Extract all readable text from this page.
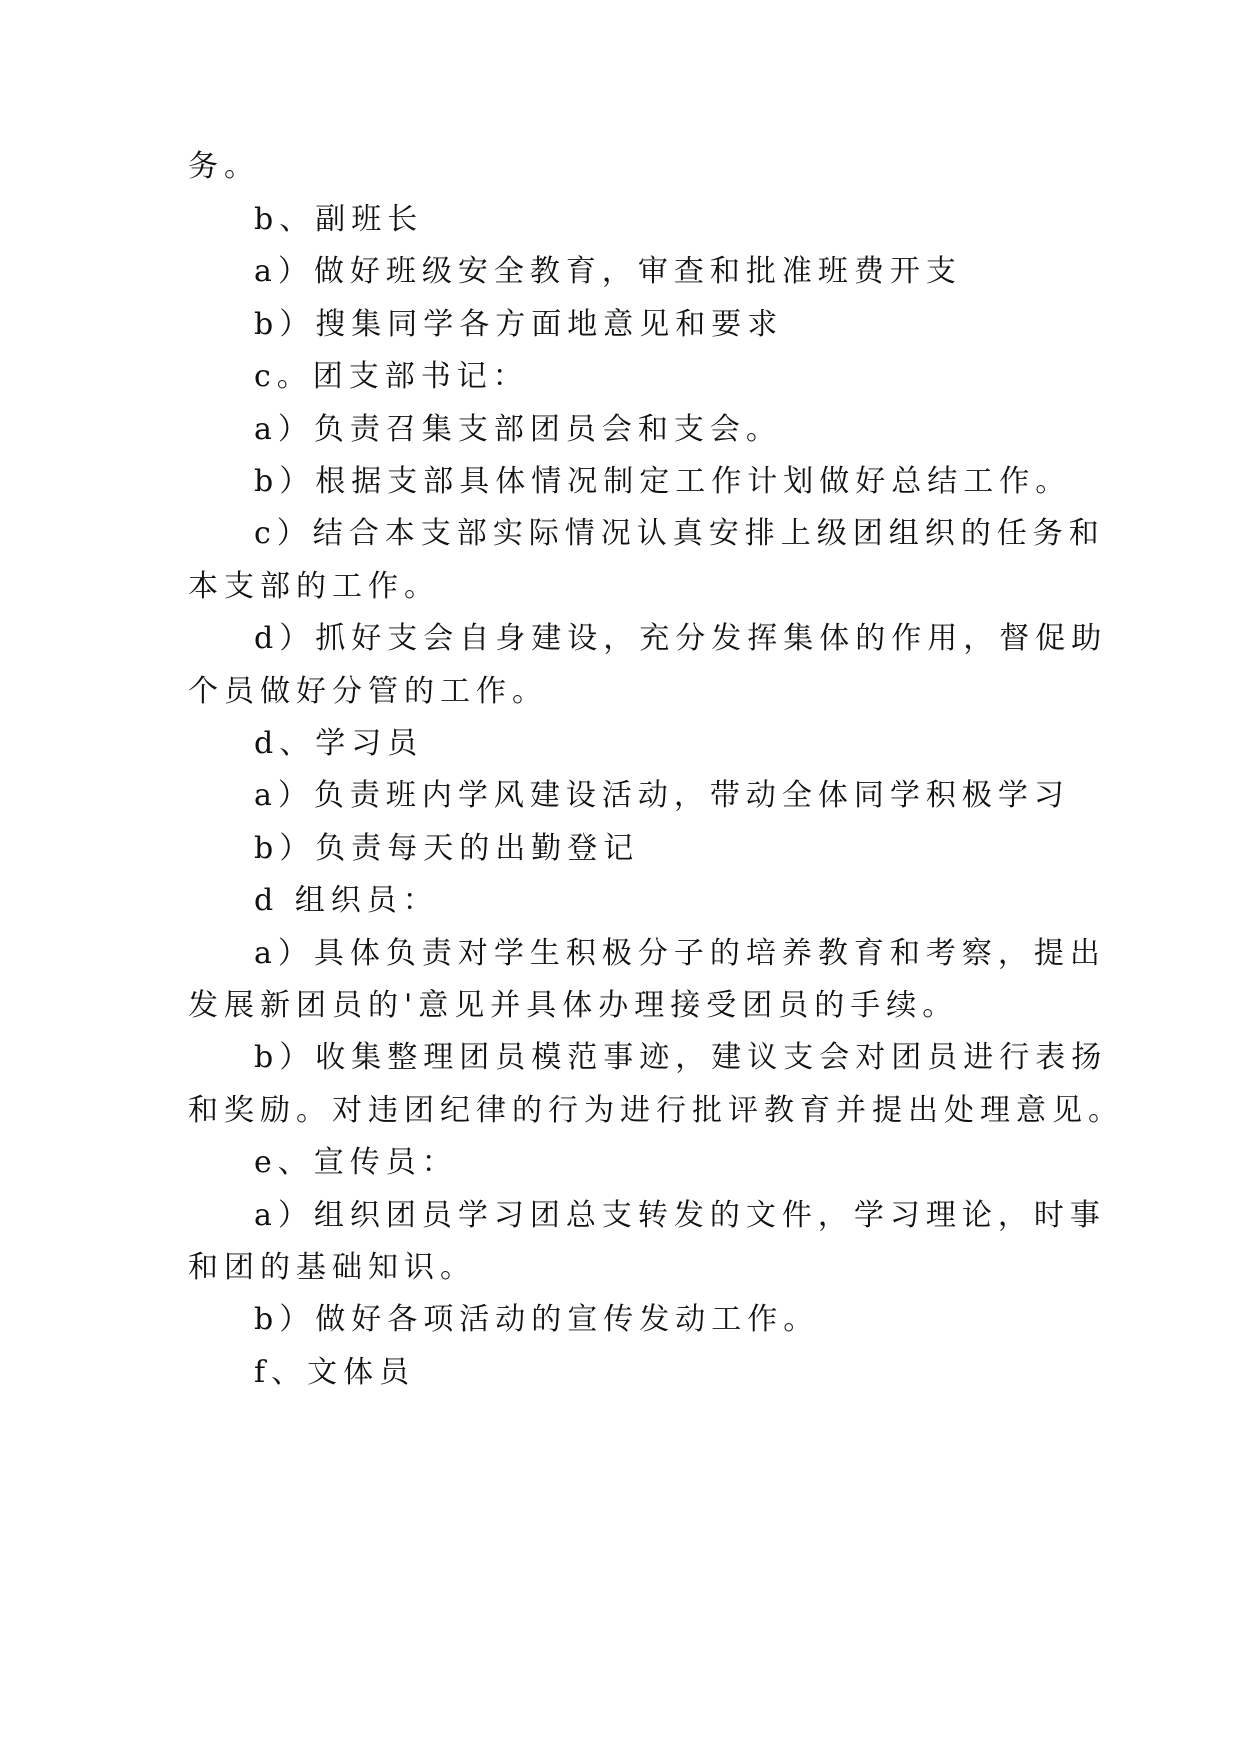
务。
b、副班长
a）做好班级安全教育，审查和批准班费开支
b）搜集同学各方面地意见和要求
c。团支部书记：
a）负责召集支部团员会和支会。
b）根据支部具体情况制定工作计划做好总结工作。
c）结合本支部实际情况认真安排上级团组织的任务和
本支部的工作。
d）抓好支会自身建设，充分发挥集体的作用，督促助
个员做好分管的工作。
d、学习员
a）负责班内学风建设活动，带动全体同学积极学习
b）负责每天的出勤登记
d 组织员：
a）具体负责对学生积极分子的培养教育和考察，提出
发展新团员的'意见并具体办理接受团员的手续。
b）收集整理团员模范事迹，建议支会对团员进行表扬
和奖励。对违团纪律的行为进行批评教育并提出处理意见。
e、宣传员：
a）组织团员学习团总支转发的文件，学习理论，时事
和团的基础知识。
b）做好各项活动的宣传发动工作。
f、文体员
